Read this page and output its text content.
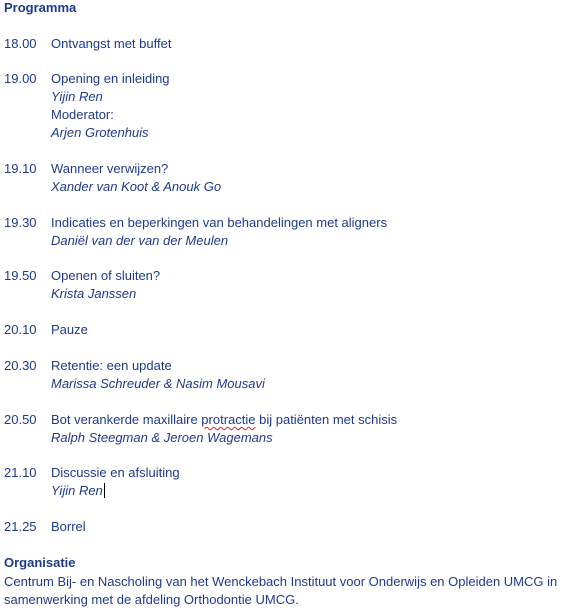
Programma
18.00 Ontvangst met buffet
19.00 Opening en inleiding
Yijin Ren
Moderator:
Arjen Grotenhuis
19.10 Wanneer verwijzen?
Xander van Koot & Anouk Go
19.30 Indicaties en beperkingen van behandelingen met aligners
Daniël van der van der Meulen
19.50 Openen of sluiten?
Krista Janssen
20.10 Pauze
20.30 Retentie: een update
Marissa Schreuder & Nasim Mousavi
20.50 Bot verankerde maxillaire protractie bij patiënten met schisis
Ralph Steegman & Jeroen Wagemans
21.10 Discussie en afsluiting
Yijin Ren
21.25 Borrel
Organisatie
Centrum Bij- en Nascholing van het Wenckebach Instituut voor Onderwijs en Opleiden UMCG in
samenwerking met de afdeling Orthodontie UMCG.
